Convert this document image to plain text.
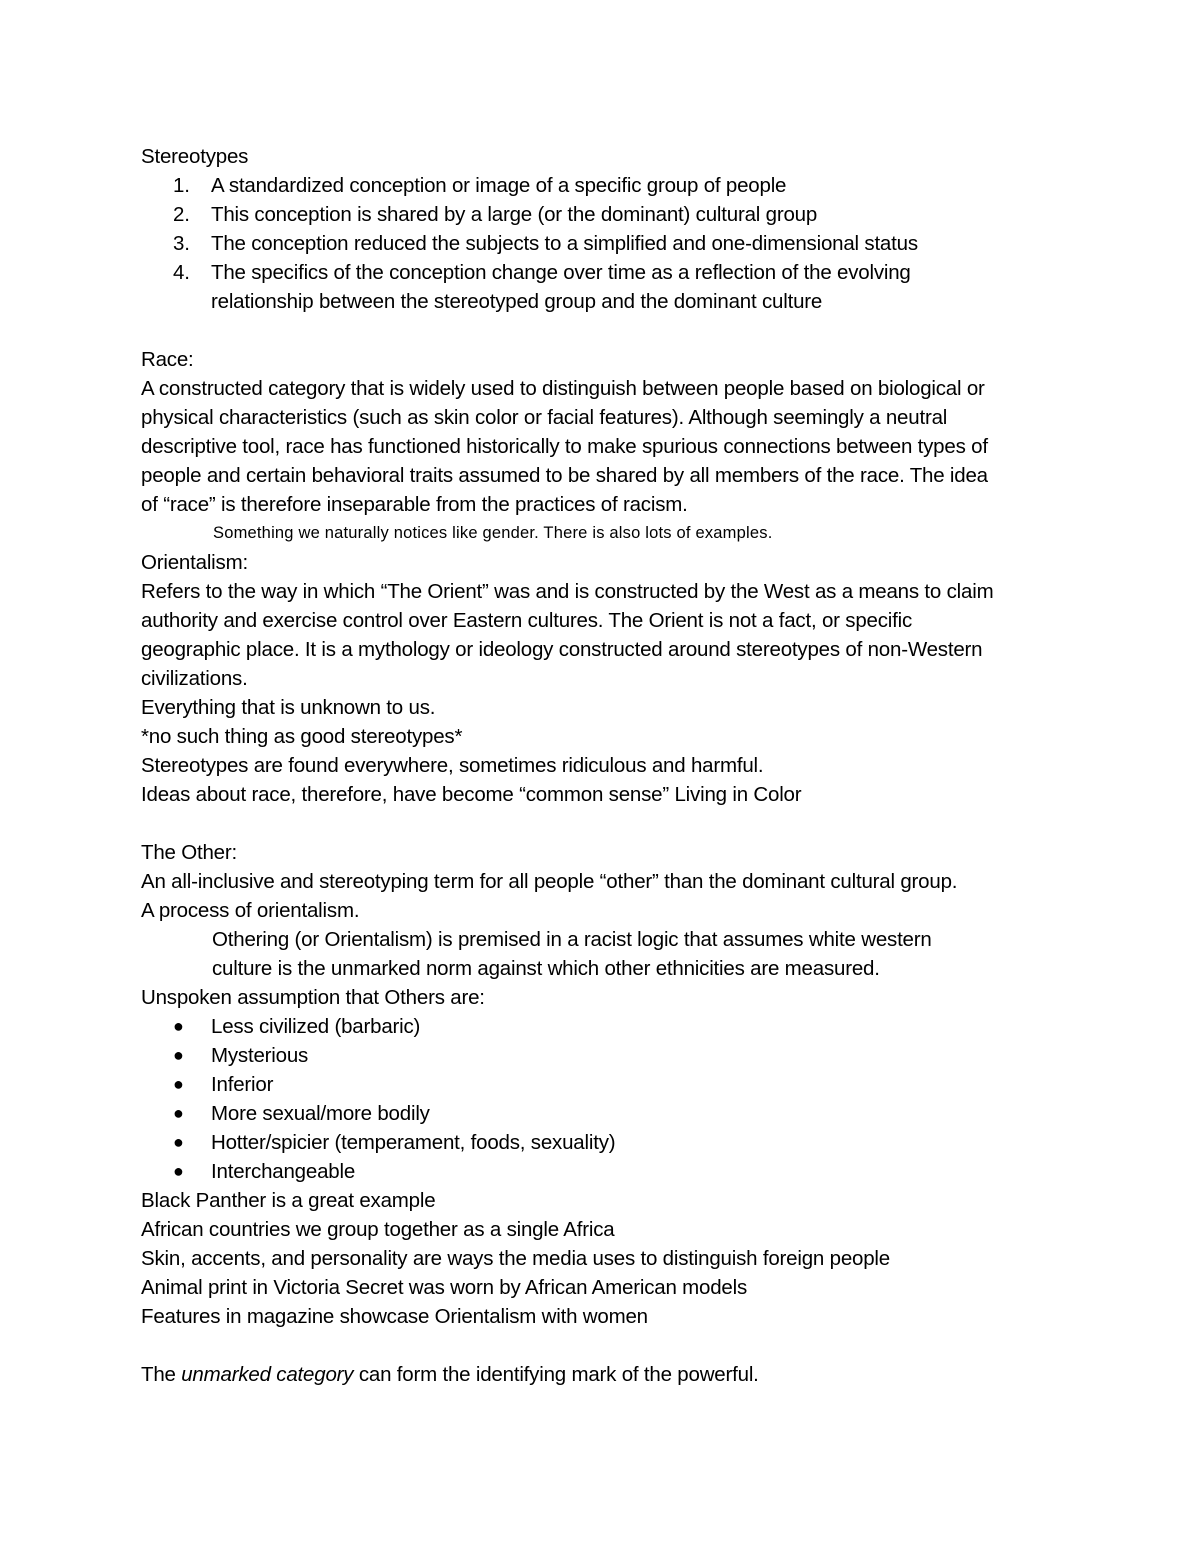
Stereotypes
1.	A standardized conception or image of a specific group of people
2.	This conception is shared by a large (or the dominant) cultural group
3.	The conception reduced the subjects to a simplified and one-dimensional status
4.	The specifics of the conception change over time as a reflection of the evolving relationship between the stereotyped group and the dominant culture
Race:
A constructed category that is widely used to distinguish between people based on biological or
physical characteristics (such as skin color or facial features). Although seemingly a neutral
descriptive tool, race has functioned historically to make spurious connections between types of
people and certain behavioral traits assumed to be shared by all members of the race. The idea
of “race” is therefore inseparable from the practices of racism.
Something we naturally notices like gender. There is also lots of examples.
Orientalism:
Refers to the way in which “The Orient” was and is constructed by the West as a means to claim
authority and exercise control over Eastern cultures. The Orient is not a fact, or specific
geographic place. It is a mythology or ideology constructed around stereotypes of non-Western
civilizations.
Everything that is unknown to us.
*no such thing as good stereotypes*
Stereotypes are found everywhere, sometimes ridiculous and harmful.
Ideas about race, therefore, have become “common sense” Living in Color
The Other:
An all-inclusive and stereotyping term for all people “other” than the dominant cultural group.
A process of orientalism.
Othering (or Orientalism) is premised in a racist logic that assumes white western
culture is the unmarked norm against which other ethnicities are measured.
Unspoken assumption that Others are:
●	Less civilized (barbaric)
●	Mysterious
●	Inferior
●	More sexual/more bodily
●	Hotter/spicier (temperament, foods, sexuality)
●	Interchangeable
Black Panther is a great example
African countries we group together as a single Africa
Skin, accents, and personality are ways the media uses to distinguish foreign people
Animal print in Victoria Secret was worn by African American models
Features in magazine showcase Orientalism with women
The unmarked category can form the identifying mark of the powerful.
